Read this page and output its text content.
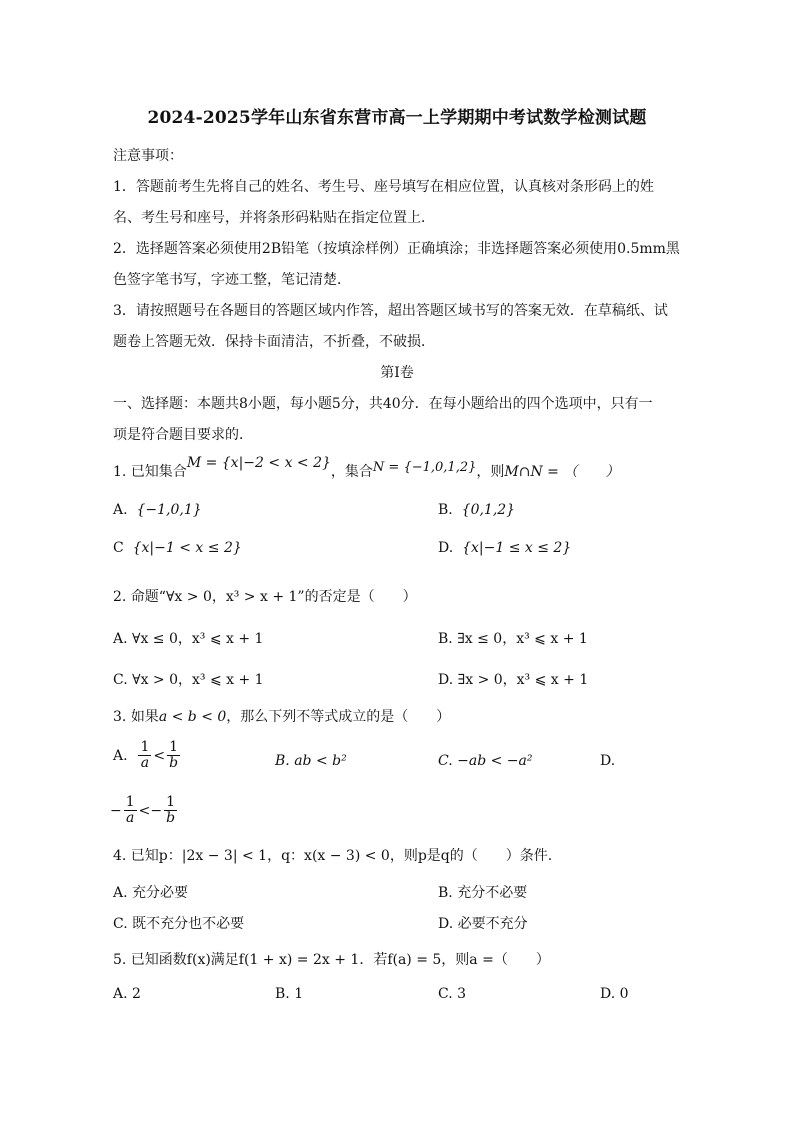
2024-2025学年山东省东营市高一上学期期中考试数学检测试题
注意事项：
1．答题前考生先将自己的姓名、考生号、座号填写在相应位置，认真核对条形码上的姓
名、考生号和座号，并将条形码粘贴在指定位置上．
2．选择题答案必须使用2B铅笔（按填涂样例）正确填涂；非选择题答案必须使用0.5mm黑
色签字笔书写，字迹工整，笔记清楚．
3．请按照题号在各题目的答题区域内作答，超出答题区域书写的答案无效．在草稿纸、试
题卷上答题无效．保持卡面清洁，不折叠，不破损．
第Ⅰ卷
一、选择题：本题共8小题，每小题5分，共40分．在每小题给出的四个选项中，只有一
项是符合题目要求的．
1. 已知集合M = {x|−2 < x < 2}，集合N = {−1,0,1,2}，则M∩N = （　　）
A. {−1,0,1}	B. {0,1,2}
C {x|−1 < x ≤ 2}	D. {x|−1 ≤ x ≤ 2}
2. 命题“∀x > 0，x³ > x + 1”的否定是（　　）
A. ∀x ≤ 0，x³ ⩽ x + 1	B. ∃x ≤ 0，x³ ⩽ x + 1
C. ∀x > 0，x³ ⩽ x + 1	D. ∃x > 0，x³ ⩽ x + 1
3. 如果a < b < 0，那么下列不等式成立的是（　　）
A. $\frac{1}{a} < \frac{1}{b}$	B. ab < b²	C. −ab < −a²	D.
− $\frac{1}{a} <- \frac{1}{b}$
4. 已知p：|2x − 3| < 1，q：x(x − 3) < 0，则p是q的（　　）条件.
A. 充分必要	B. 充分不必要
C. 既不充分也不必要	D. 必要不充分
5. 已知函数f(x)满足f(1 + x) = 2x + 1．若f(a) = 5，则a =（　　）
A. 2	B. 1	C. 3	D. 0
